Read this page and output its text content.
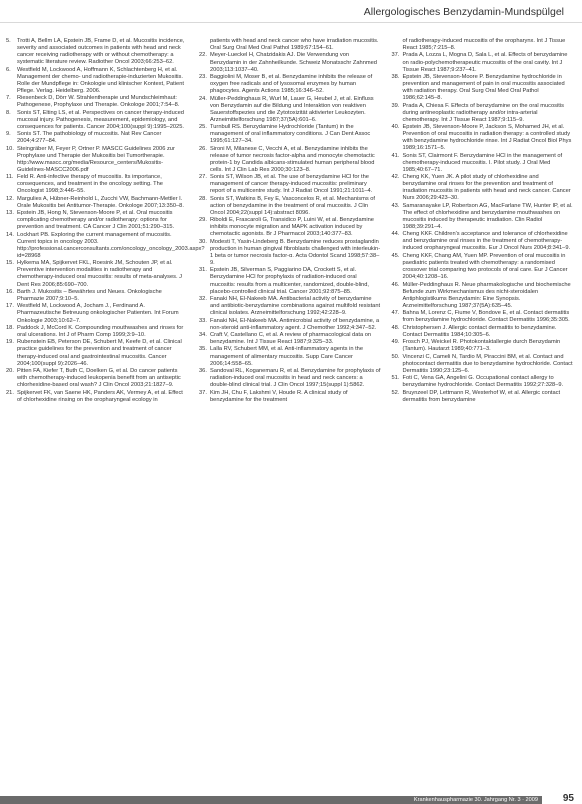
Allergologisches Benzydamin-Mundspülgel
5. Trotti A, Bellm LA, Epstein JB, Frame D, et al. Mucositis incidence, severity and associated outcomes in patients with head and neck cancer receiving radiotherapy with or without chemotherapy: a systematic literature review. Radiother Oncol 2003;66:253–62.
6. Westfield M, Lockwood A, Hoffmann K, Schlachtenberg H, et al. Management der chemo- und radiotherapie-induzierten Mukositis. Rolle der Mundpflege in: Onkologie und klinischer Kontext, Patient Pflege. Verlag. Heidelberg. 2006.
7. Riesenbeck D, Dörr W. Strahlentherapie und Mundschleimhaut: Pathogenese, Prophylaxe und Therapie. Onkologe 2001;7:54–8.
8. Sonis ST, Elting LS, et al. Perspectives on cancer therapy-induced mucosal injury. Pathogenesis, measurement, epidemiology, and consequences for patients. Cancer 2004;100(suppl 9):1995–2025.
9. Sonis ST. The pathobiology of mucositis. Nat Rev Cancer 2004;4:277–84.
10. Steingräber M, Feyer P, Ortner P. MASCC Guidelines 2006 zur Prophylaxe und Therapie der Mukositis bei Tumortherapie. http://www.mascc.org/media/Resource_centers/Mukositis-Guidelines-MASCC2006.pdf
11. Feld R. Anti-infective therapy of mucositis. Its importance, consequences, and treatment in the oncology setting. The Oncologist 1998;3:446–55.
12. Margulies A, Hübner-Reinhold L, Zucchi VW, Bachmann-Mettler I. Orale Mukositis bei Antitumor-Therapie. Onkologe 2007;13:350–8.
13. Epstein JB, Hong N, Stevenson-Moore P, et al. Oral mucositis complicating chemotherapy and/or radiotherapy: options for prevention and treatment. CA Cancer J Clin 2001;51:290–315.
14. Lockhart PB. Exploring the current management of mucositis. Current topics in oncology 2003. http://professional.cancerconsultants.com/oncology_oncology_2003.aspx?id=28968
15. Hylkema MA, Spijkervet FKL, Roesink JM, Schouten JP, et al. Preventive intervention modalities in radiotherapy and chemotherapy-induced oral mucositis: results of meta-analyses. J Dent Res 2006;85:690–700.
16. Barth J. Mukositis – Bewährtes und Neues. Onkologische Pharmazie 2007;9:10–5.
17. Westfield M, Lockwood A, Jocham J., Ferdinand A. Pharmazeutische Betreuung onkologischer Patienten. Int Forum Onkologie 2003;10:62–7.
18. Paddock J, McCord K. Compounding mouthwashes and rinses for oral ulcerations. Int J of Pharm Comp 1999;3:9–10.
19. Rubenstein EB, Peterson DE, Schubert M, Keefe D, et al. Clinical practice guidelines for the prevention and treatment of cancer therapy-induced oral and gastrointestinal mucositis. Cancer 2004;100(suppl 9):2026–46.
20. Pitten FA, Kiefer T, Buth C, Doelken G, et al. Do cancer patients with chemotherapy-induced leukopenia benefit from an antiseptic chlorhexidine-based oral wash? J Clin Oncol 2003;21:1827–9.
21. Spijkervet FK, van Saene HK, Panders AK, Vermey A, et al. Effect of chlorhexidine rinsing on the oropharyngeal ecology in
patients with head and neck cancer who have irradiation mucositis. Oral Surg Oral Med Oral Pathol 1989;67:154–61.
22. Meyer-Lueckel H, Chatzidakis AJ. Die Verwendung von Benzydamin in der Zahnheilkunde. Schweiz Monatsschr Zahnmed 2003;113:1037–40.
23. Baggiolini M, Moser B, et al. Benzydamine inhibits the release of oxygen free radicals and of lysosomal enzymes by human phagocytes. Agents Actions 1985;16:346–52.
24. Müller-Peddinghaus R, Wurl M, Lauer G, Heubel J, et al. Einfluss von Benzydamin auf die Bildung und Interaktion von reaktiven Sauerstoffspezies und die Zytotoxizität aktivierter Leukozyten. Arzneimittelforschung 1987;37(5A):601–6.
25. Turnbull RS. Benzydamine Hydrochloride (Tantum) in the management of oral inflammatory conditions. J Can Dent Assoc 1995;61:127–34.
26. Sironi M, Milanese C, Vecchi A, et al. Benzydamine inhibits the release of tumor necrosis factor-alpha and monocyte chemotactic protein-1 by Candida albicans-stimulated human peripheral blood cells. Int J Clin Lab Res 2000;30:123–8.
27. Sonis ST, Wilson JB, et al. The use of benzydamine HCl for the management of cancer therapy-induced mucositis: preliminary report of a multicentre study. Int J Radiat Oncol 1991;21:1011–4.
28. Sonis ST, Watkins B, Fey E, Vasconcelos R, et al. Mechanisms of action of benzydamine in the treatment of oral mucositis. J Clin Oncol 2004;22(suppl 14):abstract 8096.
29. Riboldi E, Frascaroli G, Transidico P, Luini W, et al. Benzydamine inhibits monocyte migration and MAPK activation induced by chemotactic agonists. Br J Pharmacol 2003;140:377–83.
30. Modesti T, Yasin-Lindeberg B. Benzydamine reduces prostaglandin production in human gingival fibroblasts challenged with interleukin-1 beta or tumor necrosis factor-α. Acta Odontol Scand 1998;57:38–9.
31. Epstein JB, Silverman S, Paggiarino DA, Crockett S, et al. Benzydamine HCl for prophylaxis of radiation-induced oral mucositis: results from a multicenter, randomized, double-blind, placebo-controlled clinical trial. Cancer 2001;92:875–85.
32. Fanaki NH, El-Nakeeb MA. Antibacterial activity of benzydamine and antibiotic-benzydamine combinations against multifold resistant clinical isolates. Arzneimittelforschung 1992;42:228–9.
33. Fanaki NH, El-Nakeeb MA. Antimicrobial activity of benzydamine, a non-steroid anti-inflammatory agent. J Chemother 1992;4:347–52.
34. Craft V, Castellano C, et al. A review of pharmacological data on benzydamine. Int J Tissue React 1987;9:325–33.
35. Lalla RV, Schubert MM, et al. Anti-inflammatory agents in the management of alimentary mucositis. Supp Care Cancer 2006;14:558–65.
36. Sandoval RL, Koganemaru R, et al. Benzydamine for prophylaxis of radiation-induced oral mucositis in head and neck cancers: a double-blind clinical trial. J Clin Oncol 1997;15(suppl 1):5862.
37. Kim JH, Chu F, Lakshmi V, Houde R. A clinical study of benzydamine for the treatment
of radiotherapy-induced mucositis of the oropharynx. Int J Tissue React 1985;7:215–8.
37. Prada A, Lozza L, Mogna D, Sala L, et al. Effects of benzydamine on radio-polychemotherapeutic mucositis of the oral cavity. Int J Tissue React 1987;9:237–41.
38. Epstein JB, Stevenson-Moore P. Benzydamine hydrochloride in prevention and management of pain in oral mucositis associated with radiation therapy. Oral Surg Oral Med Oral Pathol 1986;62:145–8.
39. Prada A, Chiesa F. Effects of benzydamine on the oral mucositis during antineoplastic radiotherapy and/or intra-arterial chemotherapy. Int J Tissue React 1987;9:115–9.
40. Epstein JB, Stevenson-Moore P, Jackson S, Mohamed JH, et al. Prevention of oral mucositis in radiation therapy: a controlled study with benzydamine hydrochloride rinse. Int J Radiat Oncol Biol Phys 1989;16:1571–5.
41. Sonis ST, Clairmont F. Benzydamine HCl in the management of chemotherapy-induced mucositis. I. Pilot study. J Oral Med 1985;40:67–71.
42. Cheng KK, Yuen JK. A pilot study of chlorhexidine and benzydamine oral rinses for the prevention and treatment of irradiation mucositis in patients with head and neck cancer. Cancer Nurs 2006;29:423–30.
43. Samaranayake LP, Robertson AG, MacFarlane TW, Hunter IP, et al. The effect of chlorhexidine and benzydamine mouthwashes on mucositis induced by therapeutic irradiation. Clin Radiol 1988;39:291–4.
44. Cheng KKF. Children's acceptance and tolerance of chlorhexidine and benzydamine oral rinses in the treatment of chemotherapy-induced oropharyngeal mucositis. Eur J Oncol Nurs 2004;8:341–9.
45. Cheng KKF, Chang AM, Yuen MP. Prevention of oral mucositis in paediatric patients treated with chemotherapy: a randomised crossover trial comparing two protocols of oral care. Eur J Cancer 2004;40:1208–16.
46. Müller-Peddinghaus R. Neue pharmakologische und biochemische Befunde zum Wirkmechanismus des nicht-steroidalen Antiphlogistikums Benzydamin: Eine Synopsis. Arzneimittelforschung 1987;37(5A):635–45.
47. Bahna M, Lorenz C, Fiume V, Bondove E, et al. Contact dermatitis from benzydamine hydrochloride. Contact Dermatitis 1996;35:305.
48. Christophersen J. Allergic contact dermatitis to benzydamine. Contact Dermatitis 1984;10:305–6.
49. Frosch PJ, Weickel R. Photokontaktallergie durch Benzydamin (Tantum). Hautarzt 1989;40:771–3.
50. Vincenzi C, Cameli N, Tardio M, Piraccini BM, et al. Contact and photocontact dermatitis due to benzydamine hydrochloride. Contact Dermatitis 1990;23:125–6.
51. Foti C, Vena GA, Angelini G. Occupational contact allergy to benzydamine hydrochloride. Contact Dermatitis 1992;27:328–9.
52. Bruynzeel DP, Lettmann R, Westerhof W, et al. Allergic contact dermatitis from benzydamine
Krankenhauspharmazie 30. Jahrgang Nr. 3 · 2009 95
